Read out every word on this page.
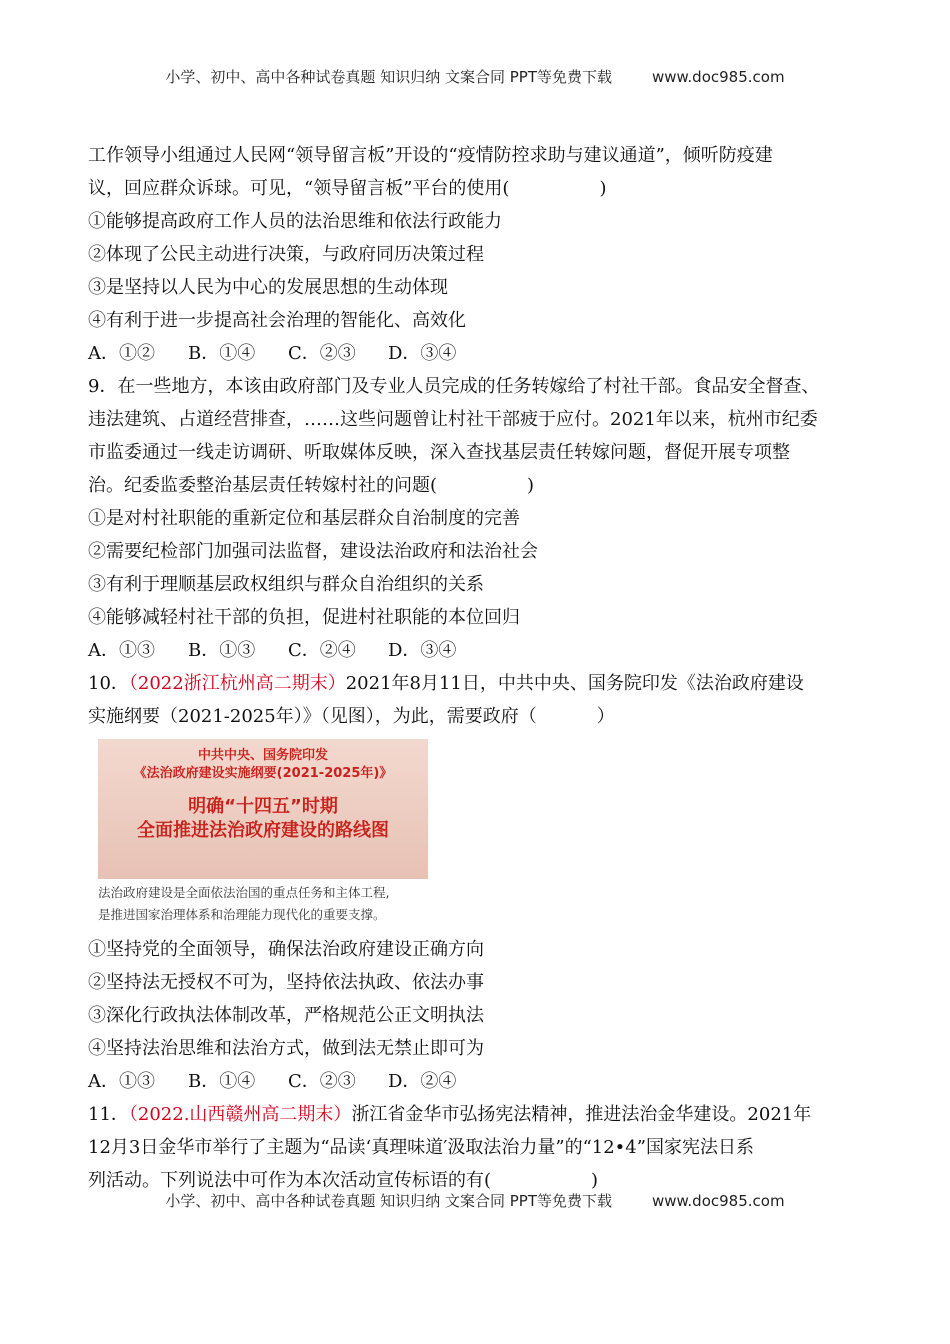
小学、初中、高中各种试卷真题 知识归纳 文案合同 PPT等免费下载	www.doc985.com
工作领导小组通过人民网“领导留言板”开设的“疫情防控求助与建议通道”，倾听防疫建
议，回应群众诉球。可见，“领导留言板”平台的使用(	)
①能够提高政府工作人员的法治思维和依法行政能力
②体现了公民主动进行决策，与政府同历决策过程
③是坚持以人民为中心的发展思想的生动体现
④有利于进一步提高社会治理的智能化、高效化
A．①② B．①④ C．②③ D．③④
9．在一些地方，本该由政府部门及专业人员完成的任务转嫁给了村社干部。食品安全督查、
违法建筑、占道经营排查，……这些问题曾让村社干部疲于应付。2021年以来，杭州市纪委
市监委通过一线走访调研、听取媒体反映，深入查找基层责任转嫁问题，督促开展专项整
治。纪委监委整治基层责任转嫁村社的问题(	)
①是对村社职能的重新定位和基层群众自治制度的完善
②需要纪检部门加强司法监督，建设法治政府和法治社会
③有利于理顺基层政权组织与群众自治组织的关系
④能够减轻村社干部的负担，促进村社职能的本位回归
A．①③ B．①③ C．②④ D．③④
10．（2022浙江杭州高二期末）2021年8月11日，中共中央、国务院印发《法治政府建设
实施纲要（2021-2025年）》（见图），为此，需要政府（	）
中共中央、国务院印发
《法治政府建设实施纲要(2021-2025年)》
明确“十四五”时期
全面推进法治政府建设的路线图
法治政府建设是全面依法治国的重点任务和主体工程,
是推进国家治理体系和治理能力现代化的重要支撑。
①坚持党的全面领导，确保法治政府建设正确方向
②坚持法无授权不可为，坚持依法执政、依法办事
③深化行政执法体制改革，严格规范公正文明执法
④坚持法治思维和法治方式，做到法无禁止即可为
A．①③ B．①④ C．②③ D．②④
11．（2022.山西赣州高二期末）浙江省金华市弘扬宪法精神，推进法治金华建设。2021年
12月3日金华市举行了主题为“品读‘真理味道′汲取法治力量”的“12•4”国家宪法日系
列活动。下列说法中可作为本次活动宣传标语的有(	)
小学、初中、高中各种试卷真题 知识归纳 文案合同 PPT等免费下载	www.doc985.com
